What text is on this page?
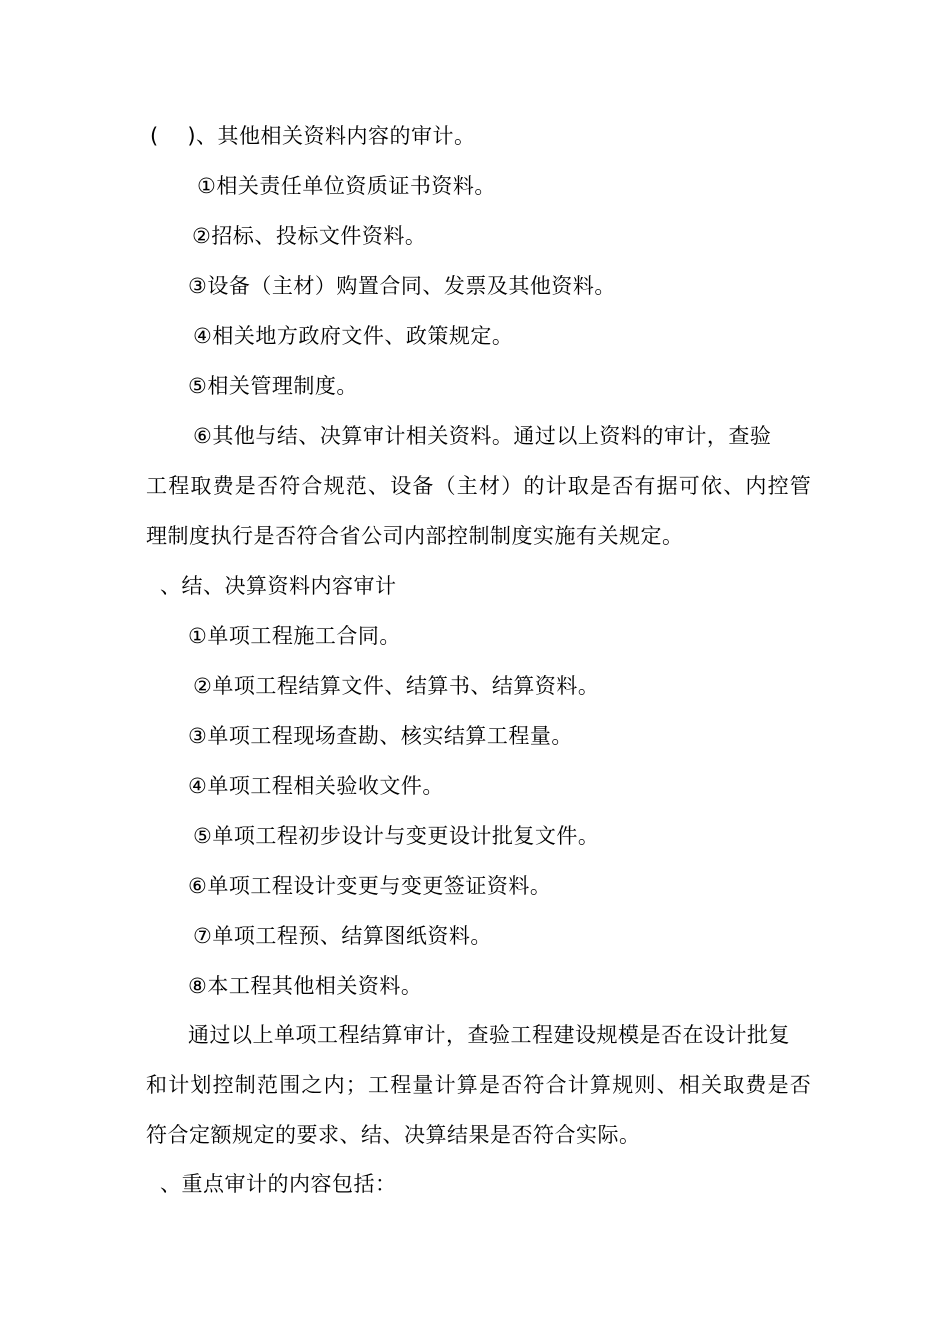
(　 )、其他相关资料内容的审计。
①相关责任单位资质证书资料。
②招标、投标文件资料。
③设备（主材）购置合同、发票及其他资料。
④相关地方政府文件、政策规定。
⑤相关管理制度。
⑥其他与结、决算审计相关资料。通过以上资料的审计，查验
工程取费是否符合规范、设备（主材）的计取是否有据可依、内控管
理制度执行是否符合省公司内部控制制度实施有关规定。
、结、决算资料内容审计
①单项工程施工合同。
②单项工程结算文件、结算书、结算资料。
③单项工程现场查勘、核实结算工程量。
④单项工程相关验收文件。
⑤单项工程初步设计与变更设计批复文件。
⑥单项工程设计变更与变更签证资料。
⑦单项工程预、结算图纸资料。
⑧本工程其他相关资料。
通过以上单项工程结算审计，查验工程建设规模是否在设计批复
和计划控制范围之内；工程量计算是否符合计算规则、相关取费是否
符合定额规定的要求、结、决算结果是否符合实际。
、重点审计的内容包括：
